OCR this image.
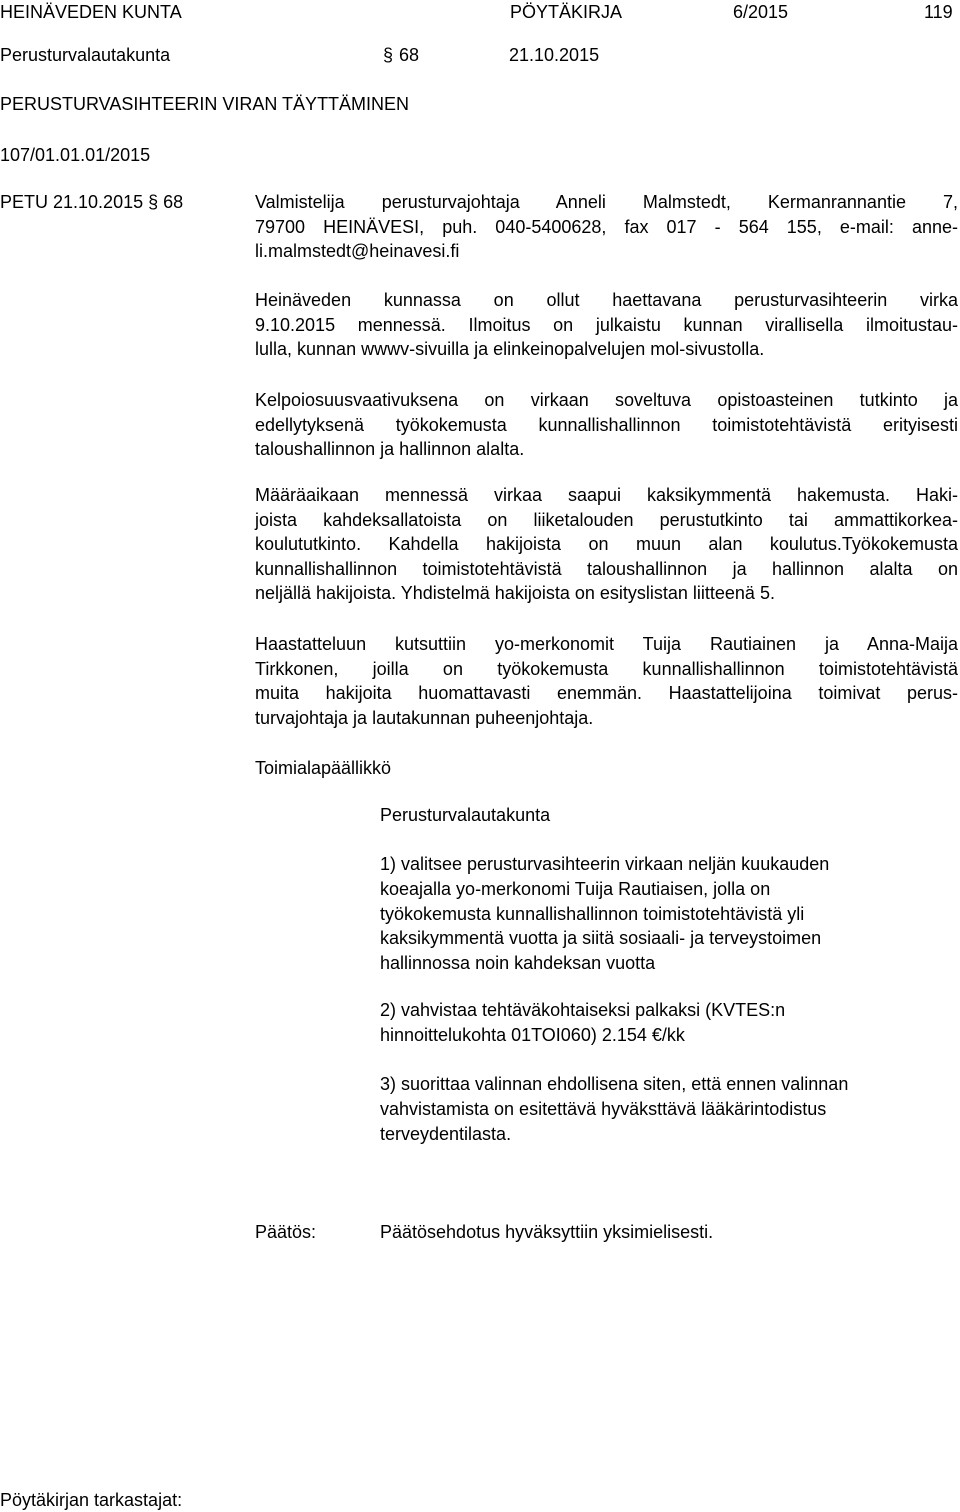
HEINÄVEDEN KUNTA	PÖYTÄKIRJA	6/2015	119
Perusturvalautakunta	§ 68	21.10.2015
PERUSTURVASIHTEERIN VIRAN TÄYTTÄMINEN
107/01.01.01/2015
PETU 21.10.2015 § 68	Valmistelija perusturvajohtaja Anneli Malmstedt, Kermanrannantie 7,
79700 HEINÄVESI, puh. 040-5400628, fax 017 - 564 155, e-mail: anne-
li.malmstedt@heinavesi.fi
Heinäveden kunnassa on ollut haettavana perusturvasihteerin virka
9.10.2015 mennessä. Ilmoitus on julkaistu kunnan virallisella ilmoitustau-
lulla, kunnan wwwv-sivuilla ja elinkeinopalvelujen mol-sivustolla.
Kelpoiosuusvaativuksena on virkaan soveltuva opistoasteinen tutkinto ja
edellytyksenä työkokemusta kunnallishallinnon toimistotehtävistä erityisesti
taloushallinnon ja hallinnon alalta.
Määräaikaan mennessä virkaa saapui kaksikymmentä hakemusta. Haki-
joista kahdeksallatoista on liiketalouden perustutkinto tai ammattikorkea-
koulututkinto. Kahdella hakijoista on muun alan koulutus.Työkokemusta
kunnallishallinnon toimistotehtävistä taloushallinnon ja hallinnon alalta on
neljällä hakijoista. Yhdistelmä hakijoista on esityslistan liitteenä 5.
Haastatteluun kutsuttiin yo-merkonomit Tuija Rautiainen ja Anna-Maija
Tirkkonen, joilla on työkokemusta kunnallishallinnon toimistotehtävistä
muita hakijoita huomattavasti enemmän. Haastattelijoina toimivat perus-
turvajohtaja ja lautakunnan puheenjohtaja.
Toimialapäällikkö
Perusturvalautakunta
1) valitsee perusturvasihteerin virkaan neljän kuukauden
koeajalla yo-merkonomi Tuija Rautiaisen, jolla on
työkokemusta kunnallishallinnon toimistotehtävistä yli
kaksikymmentä vuotta ja siitä sosiaali- ja terveystoimen
hallinnossa noin kahdeksan vuotta
2) vahvistaa tehtäväkohtaiseksi palkaksi (KVTES:n
hinnoittelukohta 01TOI060) 2.154 €/kk
3) suorittaa valinnan ehdollisena siten, että ennen valinnan
vahvistamista on esitettävä hyväksttävä lääkärintodistus
terveydentilasta.
Päätös:	Päätösehdotus hyväksyttiin yksimielisesti.
Pöytäkirjan tarkastajat:
